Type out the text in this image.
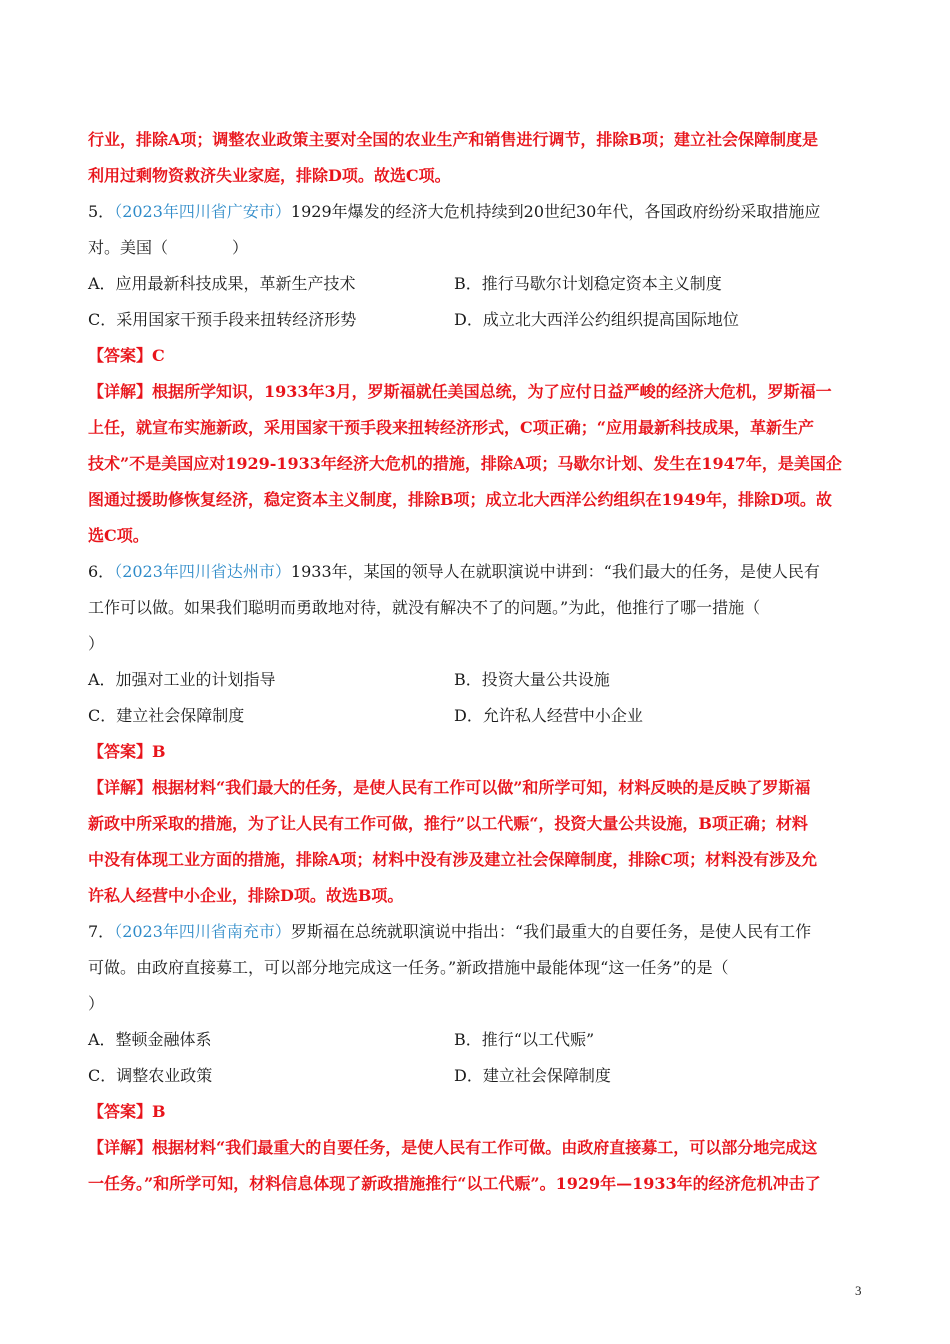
行业，排除A项；调整农业政策主要对全国的农业生产和销售进行调节，排除B项；建立社会保障制度是
利用过剩物资救济失业家庭，排除D项。故选C项。
5．（2023年四川省广安市）1929年爆发的经济大危机持续到20世纪30年代，各国政府纷纷采取措施应
对。美国（　　　　）
A．应用最新科技成果，革新生产技术	B．推行马歇尔计划稳定资本主义制度
C．采用国家干预手段来扭转经济形势	D．成立北大西洋公约组织提高国际地位
【答案】C
【详解】根据所学知识，1933年3月，罗斯福就任美国总统，为了应付日益严峻的经济大危机，罗斯福一
上任，就宣布实施新政，采用国家干预手段来扭转经济形式，C项正确；“应用最新科技成果，革新生产
技术”不是美国应对1929-1933年经济大危机的措施，排除A项；马歇尔计划、发生在1947年，是美国企
图通过援助修恢复经济，稳定资本主义制度，排除B项；成立北大西洋公约组织在1949年，排除D项。故
选C项。
6．（2023年四川省达州市）1933年，某国的领导人在就职演说中讲到：“我们最大的任务，是使人民有
工作可以做。如果我们聪明而勇敢地对待，就没有解决不了的问题。”为此，他推行了哪一措施（
）
A．加强对工业的计划指导	B．投资大量公共设施
C．建立社会保障制度	D．允许私人经营中小企业
【答案】B
【详解】根据材料“我们最大的任务，是使人民有工作可以做”和所学可知，材料反映的是反映了罗斯福
新政中所采取的措施，为了让人民有工作可做，推行”以工代赈“，投资大量公共设施，B项正确；材料
中没有体现工业方面的措施，排除A项；材料中没有涉及建立社会保障制度，排除C项；材料没有涉及允
许私人经营中小企业，排除D项。故选B项。
7．（2023年四川省南充市）罗斯福在总统就职演说中指出：“我们最重大的自要任务，是使人民有工作
可做。由政府直接募工，可以部分地完成这一任务。”新政措施中最能体现“这一任务”的是（
）
A．整顿金融体系	B．推行“以工代赈”
C．调整农业政策	D．建立社会保障制度
【答案】B
【详解】根据材料“我们最重大的自要任务，是使人民有工作可做。由政府直接募工，可以部分地完成这
一任务。”和所学可知，材料信息体现了新政措施推行“以工代赈”。1929年—1933年的经济危机冲击了
3
